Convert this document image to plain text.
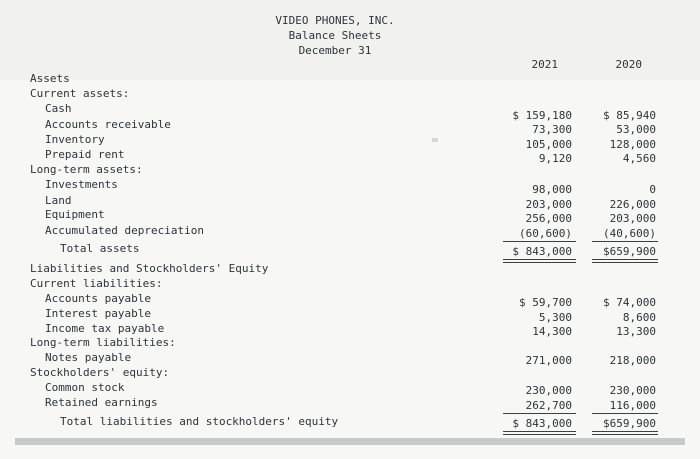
VIDEO PHONES, INC.
Balance Sheets
December 31
2021	2020
Assets
Current assets:
Cash
Accounts receivable
Inventory
Prepaid rent
Long-term assets:
Investments
Land
Equipment
Accumulated depreciation
Total assets
Liabilities and Stockholders' Equity
Current liabilities:
Accounts payable
Interest payable
Income tax payable
Long-term liabilities:
Notes payable
Stockholders' equity:
Common stock
Retained earnings
Total liabilities and stockholders' equity
$ 159,180
73,300
105,000
9,120
98,000
203,000
256,000
(60,600)
$ 843,000
$ 59,700
5,300
14,300
271,000
230,000
262,700
$ 843,000
$ 85,940
53,000
128,000
4,560
0
226,000
203,000
(40,600)
$659,900
$ 74,000
8,600
13,300
218,000
230,000
116,000
$659,900
